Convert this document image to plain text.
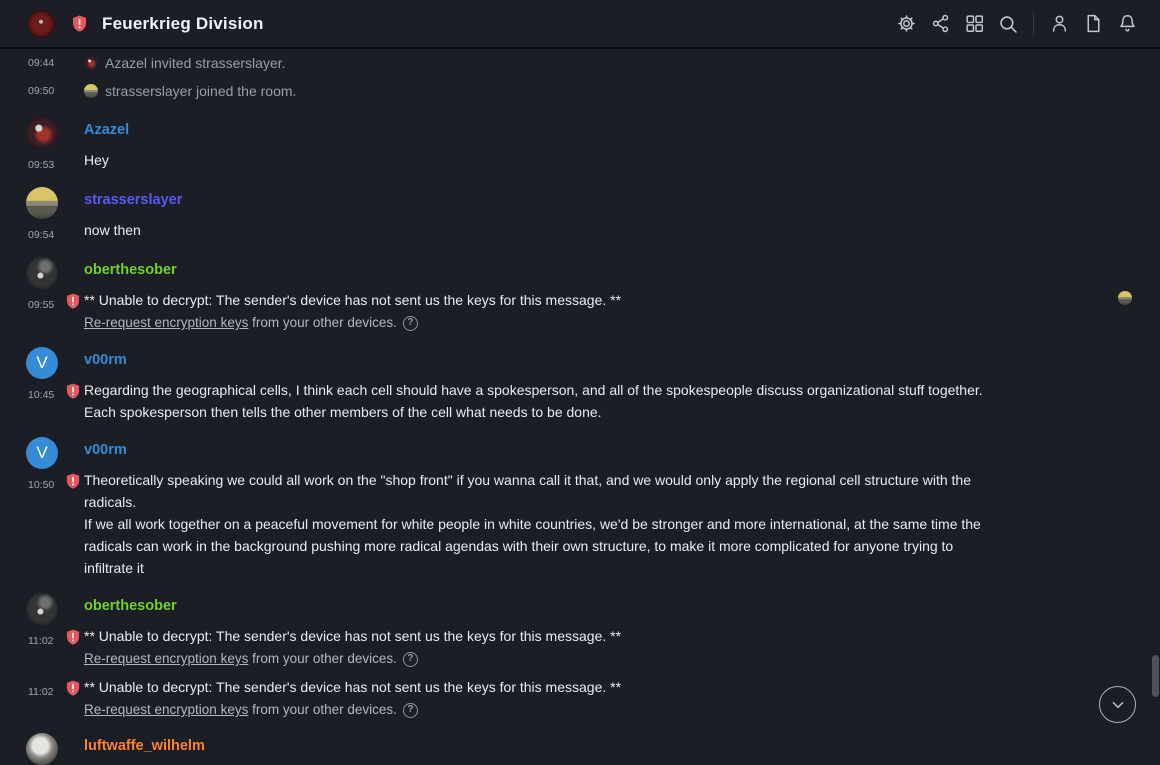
Feuerkrieg Division
09:44	Azazel invited strasserslayer.
09:50	strasserslayer joined the room.
Azazel
09:53	Hey
strasserslayer
09:54	now then
oberthesober
09:55	** Unable to decrypt: The sender's device has not sent us the keys for this message. **
Re-request encryption keys
from your other devices.	?
V	v00rm
10:45	Regarding the geographical cells, I think each cell should have a spokesperson, and all of the spokespeople discuss organizational stuff together.
Each spokesperson then tells the other members of the cell what needs to be done.
V	v00rm
10:50	Theoretically speaking we could all work on the "shop front" if you wanna call it that, and we would only apply the regional cell structure with the
radicals.
If we all work together on a peaceful movement for white people in white countries, we'd be stronger and more international, at the same time the
radicals can work in the background pushing more radical agendas with their own structure, to make it more complicated for anyone trying to
infiltrate it
oberthesober
11:02	** Unable to decrypt: The sender's device has not sent us the keys for this message. **
Re-request encryption keys
from your other devices.	?
11:02	** Unable to decrypt: The sender's device has not sent us the keys for this message. **
Re-request encryption keys
from your other devices.	?
luftwaffe_wilhelm
